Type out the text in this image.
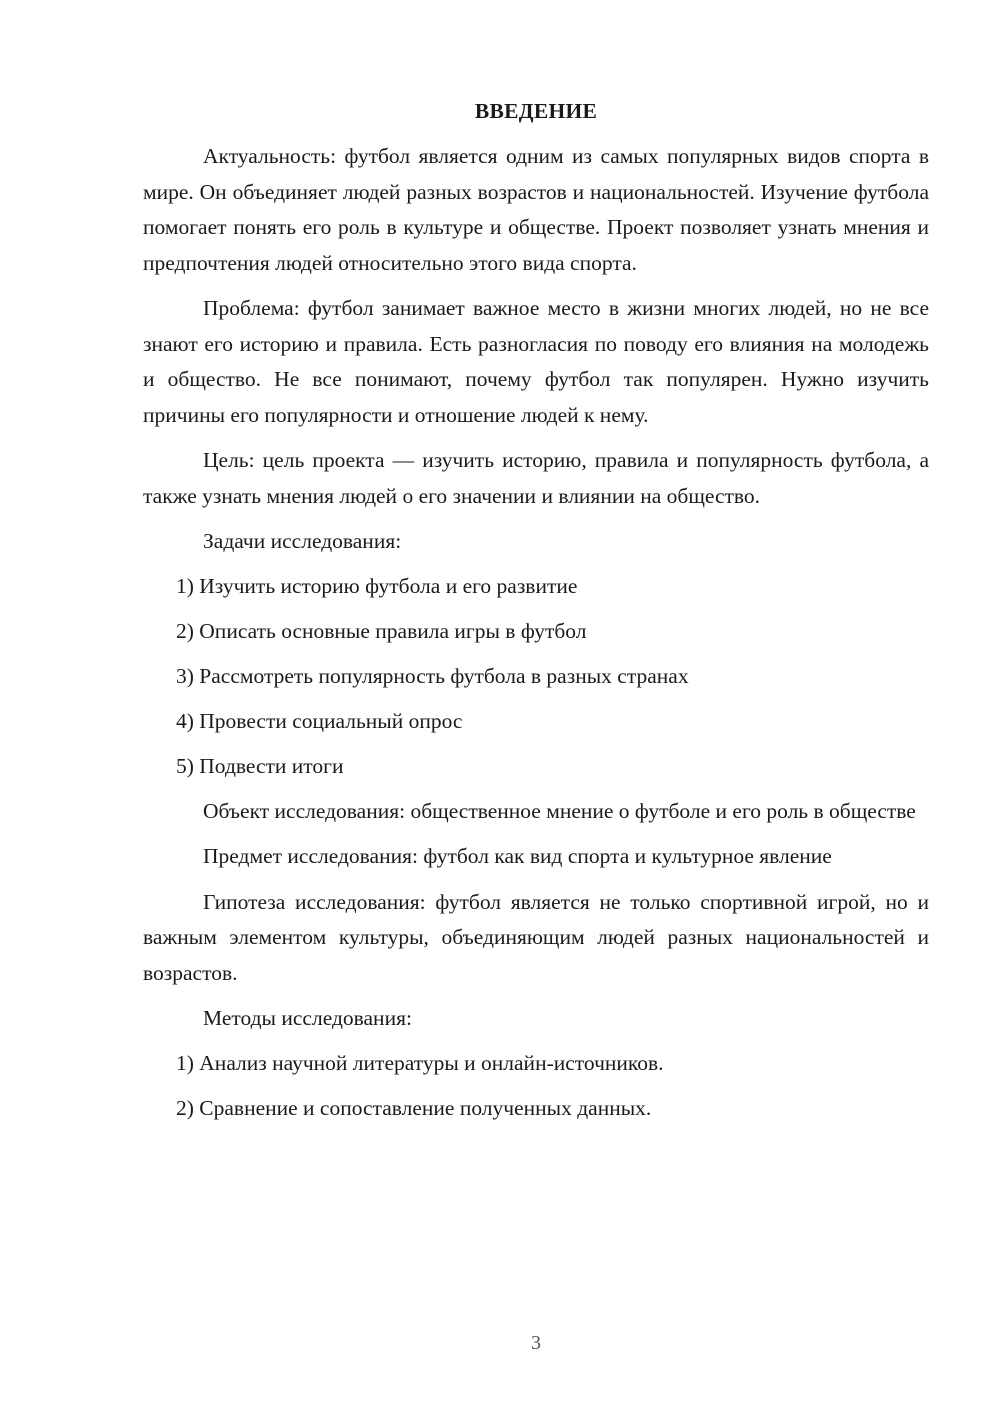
ВВЕДЕНИЕ

Актуальность: футбол является одним из самых популярных видов спорта в мире. Он объединяет людей разных возрастов и национальностей. Изучение футбола помогает понять его роль в культуре и обществе. Проект позволяет узнать мнения и предпочтения людей относительно этого вида спорта.

Проблема: футбол занимает важное место в жизни многих людей, но не все знают его историю и правила. Есть разногласия по поводу его влияния на молодежь и общество. Не все понимают, почему футбол так популярен. Нужно изучить причины его популярности и отношение людей к нему.

Цель: цель проекта — изучить историю, правила и популярность футбола, а также узнать мнения людей о его значении и влиянии на общество.

Задачи исследования:

1) Изучить историю футбола и его развитие
2) Описать основные правила игры в футбол
3) Рассмотреть популярность футбола в разных странах
4) Провести социальный опрос
5) Подвести итоги

Объект исследования: общественное мнение о футболе и его роль в обществе

Предмет исследования: футбол как вид спорта и культурное явление

Гипотеза исследования: футбол является не только спортивной игрой, но и важным элементом культуры, объединяющим людей разных национальностей и возрастов.

Методы исследования:

1) Анализ научной литературы и онлайн-источников.
2) Сравнение и сопоставление полученных данных.
3
